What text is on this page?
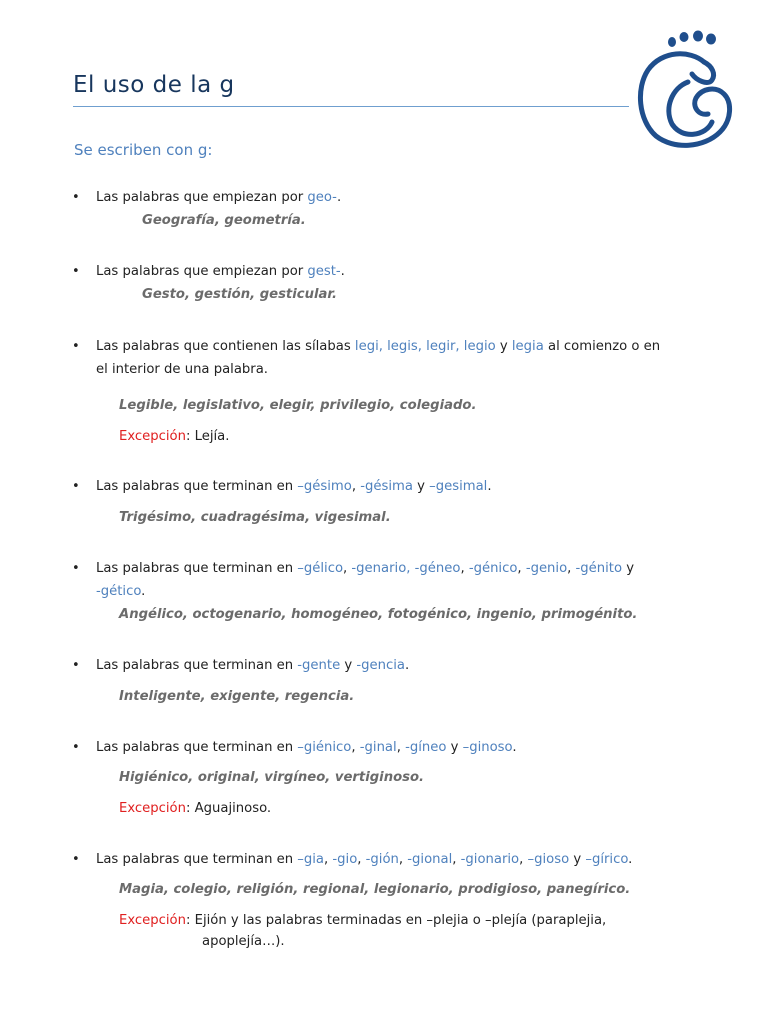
El uso de la g
Se escriben con g:
• Las palabras que empiezan por geo-.
Geografía, geometría.
• Las palabras que empiezan por gest-.
Gesto, gestión, gesticular.
• Las palabras que contienen las sílabas legi, legis, legir, legio y legia al comienzo o en
el interior de una palabra.
Legible, legislativo, elegir, privilegio, colegiado.
Excepción: Lejía.
• Las palabras que terminan en –gésimo, -gésima y –gesimal.
Trigésimo, cuadragésima, vigesimal.
• Las palabras que terminan en –gélico, -genario, -géneo, -génico, -genio, -génito y
-gético.
Angélico, octogenario, homogéneo, fotogénico, ingenio, primogénito.
• Las palabras que terminan en -gente y -gencia.
Inteligente, exigente, regencia.
• Las palabras que terminan en –giénico, -ginal, -gíneo y –ginoso.
Higiénico, original, virgíneo, vertiginoso.
Excepción: Aguajinoso.
• Las palabras que terminan en –gia, -gio, -gión, -gional, -gionario, –gioso y –gírico.
Magia, colegio, religión, regional, legionario, prodigioso, panegírico.
Excepción: Ejión y las palabras terminadas en –plejia o –plejía (paraplejia,
apoplejía…).
